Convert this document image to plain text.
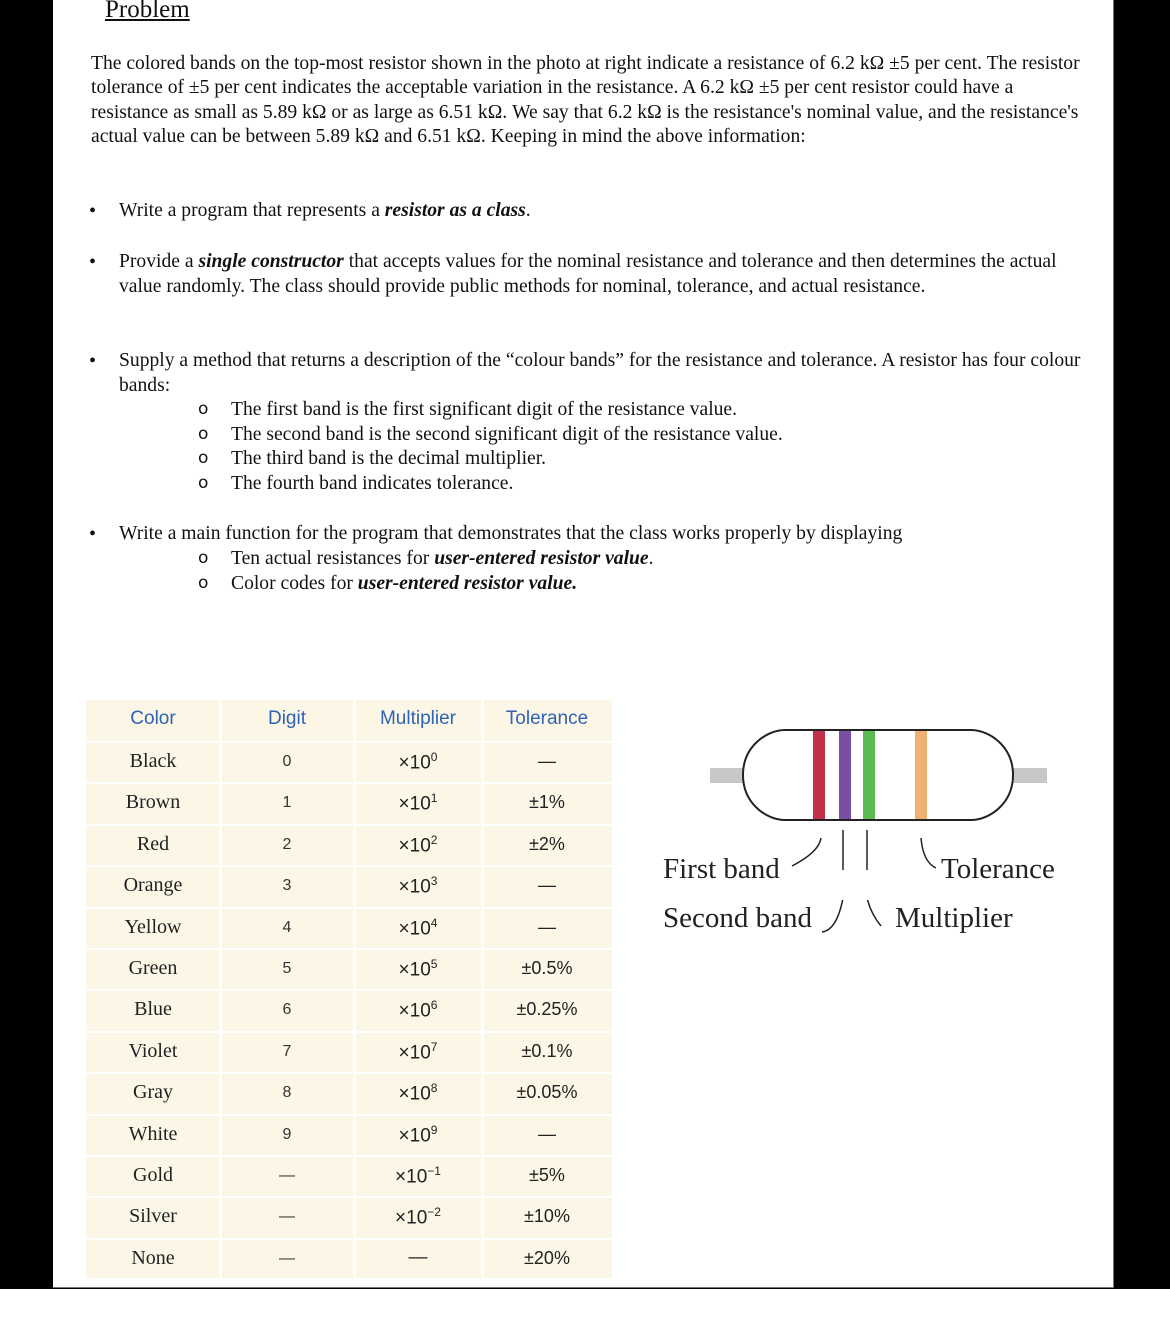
Problem
The colored bands on the top-most resistor shown in the photo at right indicate a resistance of 6.2 kΩ ±5 per cent. The resistor tolerance of ±5 per cent indicates the acceptable variation in the resistance. A 6.2 kΩ ±5 per cent resistor could have a resistance as small as 5.89 kΩ or as large as 6.51 kΩ. We say that 6.2 kΩ is the resistance's nominal value, and the resistance's actual value can be between 5.89 kΩ and 6.51 kΩ. Keeping in mind the above information:
• Write a program that represents a resistor as a class.
• Provide a single constructor that accepts values for the nominal resistance and tolerance and then determines the actual value randomly. The class should provide public methods for nominal, tolerance, and actual resistance.
• Supply a method that returns a description of the “colour bands” for the resistance and tolerance. A resistor has four colour bands:
o The first band is the first significant digit of the resistance value.
o The second band is the second significant digit of the resistance value.
o The third band is the decimal multiplier.
o The fourth band indicates tolerance.
• Write a main function for the program that demonstrates that the class works properly by displaying
o Ten actual resistances for user-entered resistor value.
o Color codes for user-entered resistor value.
Color	Digit	Multiplier	Tolerance
Black	0	$\times 10^0$	—
Brown	1	$\times 10^1$	±1%
Red	2	$\times 10^2$	±2%
Orange	3	$\times 10^3$	—
Yellow	4	$\times 10^4$	—
Green	5	$\times 10^5$	±0.5%
Blue	6	$\times 10^6$	±0.25%
Violet	7	$\times 10^7$	±0.1%
Gray	8	$\times 10^8$	±0.05%
White	9	$\times 10^9$	—
Gold	—	$\times 10^{-1}$	±5%
Silver	—	$\times 10^{-2}$	±10%
None	—	—	±20%
First band	Tolerance
Second band	Multiplier
